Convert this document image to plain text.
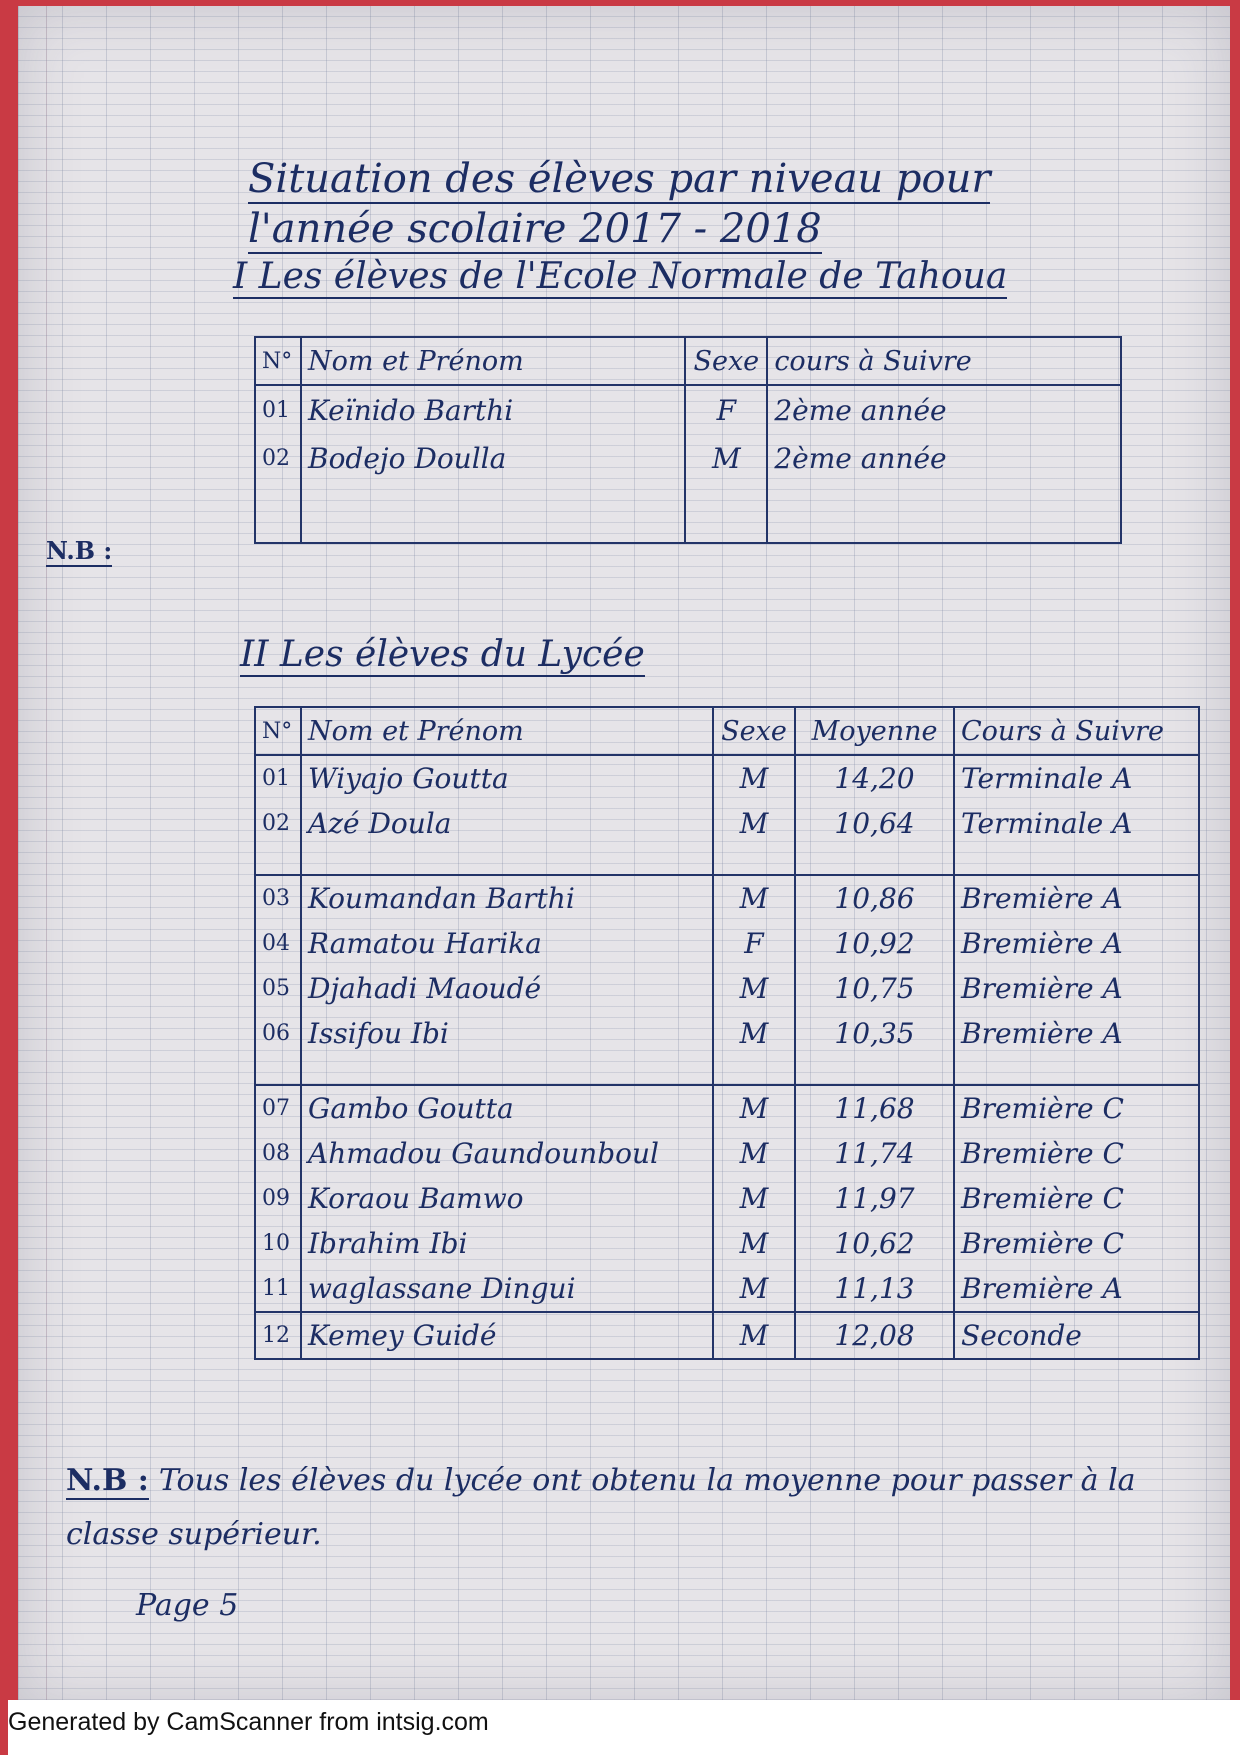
Situation des élèves par niveau pour
l'année scolaire 2017 - 2018
I Les élèves de l'Ecole Normale de Tahoua
N°	Nom et Prénom	Sexe	cours à Suivre
01	Keïnido Barthi	F	2ème année
02	Bodejo Doulla	M	2ème année

N.B :
II Les élèves du Lycée
N°	Nom et Prénom	Sexe	Moyenne	Cours à Suivre
01	Wiyajo Goutta	M	14,20	Terminale A
02	Azé Doula	M	10,64	Terminale A

03	Koumandan Barthi	M	10,86	Bremière A
04	Ramatou Harika	F	10,92	Bremière A
05	Djahadi Maoudé	M	10,75	Bremière A
06	Issifou Ibi	M	10,35	Bremière A

07	Gambo Goutta	M	11,68	Bremière C
08	Ahmadou Gaundounboul	M	11,74	Bremière C
09	Koraou Bamwo	M	11,97	Bremière C
10	Ibrahim Ibi	M	10,62	Bremière C
11	waglassane Dingui	M	11,13	Bremière A
12	Kemey Guidé	M	12,08	Seconde
N.B : Tous les élèves du lycée ont obtenu la moyenne pour passer à la classe supérieur.
Page 5
Generated by CamScanner from intsig.com
